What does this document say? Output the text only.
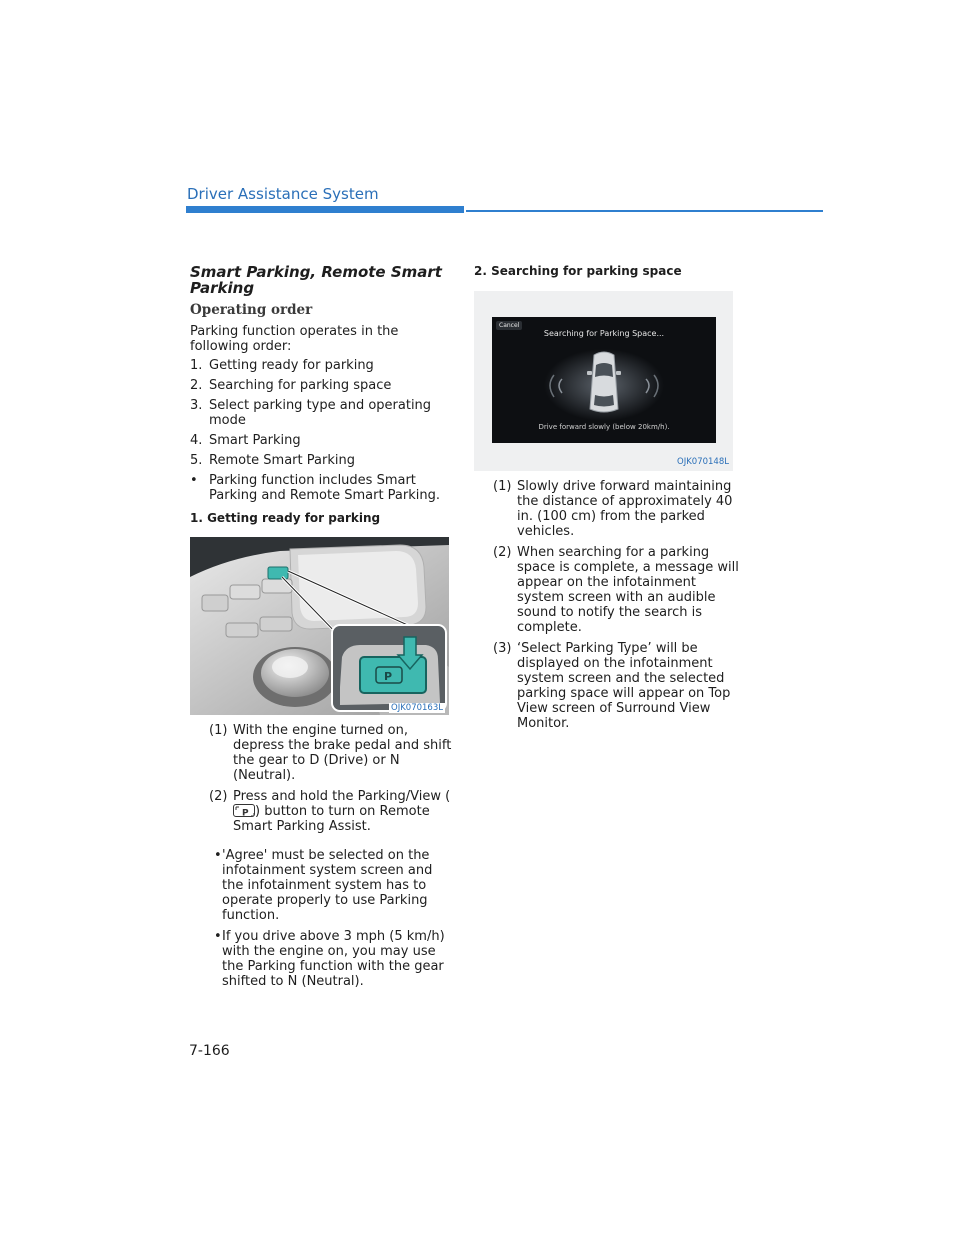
Driver Assistance System
Smart Parking, Remote Smart Parking
Operating order
Parking function operates in the following order:
1. Getting ready for parking
2. Searching for parking space
3. Select parking type and operating mode
4. Smart Parking
5. Remote Smart Parking
• Parking function includes Smart Parking and Remote Smart Parking.
1. Getting ready for parking
P
OJK070163L
(1) With the engine turned on, depress the brake pedal and shift the gear to D (Drive) or N (Neutral).
(2) Press and hold the Parking/View (
P ) button to turn on Remote Smart Parking Assist.
• 'Agree' must be selected on the infotainment system screen and the infotainment system has to operate properly to use Parking function.
• If you drive above 3 mph (5 km/h) with the engine on, you may use the Parking function with the gear shifted to N (Neutral).
2. Searching for parking space
Cancel
Searching for Parking Space...
Drive forward slowly (below 20km/h).
OJK070148L
(1) Slowly drive forward maintaining the distance of approximately 40 in. (100 cm) from the parked vehicles.
(2) When searching for a parking space is complete, a message will appear on the infotainment system screen with an audible sound to notify the search is complete.
(3) ‘Select Parking Type’ will be displayed on the infotainment system screen and the selected parking space will appear on Top View screen of Surround View Monitor.
7-166
